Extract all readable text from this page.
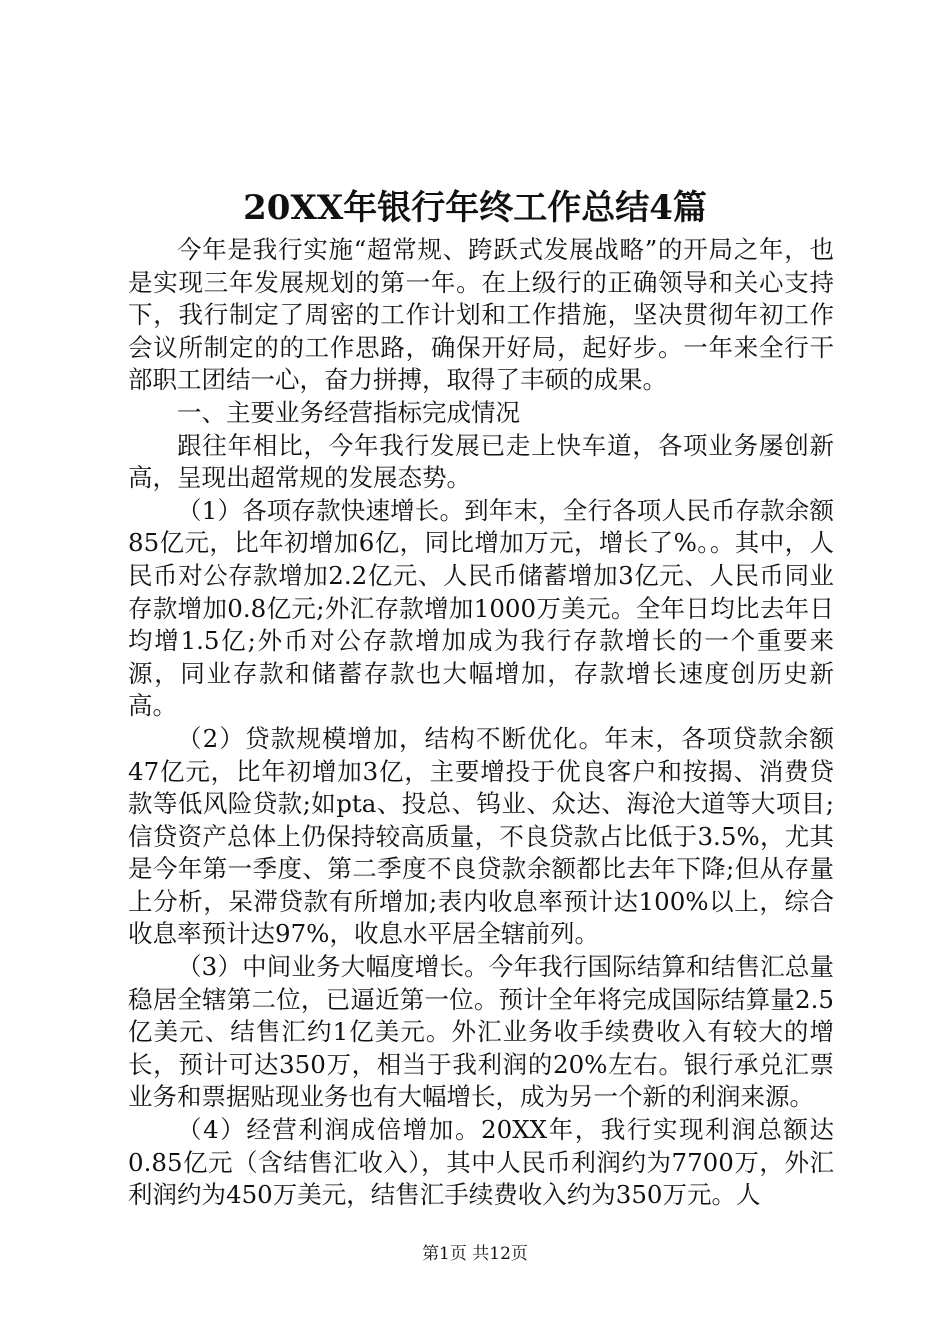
20XX年银行年终工作总结4篇

今年是我行实施“超常规、跨跃式发展战略”的开局之年，也是实现三年发展规划的第一年。在上级行的正确领导和关心支持下，我行制定了周密的工作计划和工作措施，坚决贯彻年初工作会议所制定的的工作思路，确保开好局，起好步。一年来全行干部职工团结一心，奋力拼搏，取得了丰硕的成果。

一、主要业务经营指标完成情况

跟往年相比，今年我行发展已走上快车道，各项业务屡创新高，呈现出超常规的发展态势。

（1）各项存款快速增长。到年末，全行各项人民币存款余额85亿元，比年初增加6亿，同比增加万元，增长了%。。其中，人民币对公存款增加2.2亿元、人民币储蓄增加3亿元、人民币同业存款增加0.8亿元;外汇存款增加1000万美元。全年日均比去年日均增1.5亿;外币对公存款增加成为我行存款增长的一个重要来源，同业存款和储蓄存款也大幅增加，存款增长速度创历史新高。

（2）贷款规模增加，结构不断优化。年末，各项贷款余额47亿元，比年初增加3亿，主要增投于优良客户和按揭、消费贷款等低风险贷款;如pta、投总、钨业、众达、海沧大道等大项目;信贷资产总体上仍保持较高质量，不良贷款占比低于3.5%，尤其是今年第一季度、第二季度不良贷款余额都比去年下降;但从存量上分析，呆滞贷款有所增加;表内收息率预计达100%以上，综合收息率预计达97%，收息水平居全辖前列。

（3）中间业务大幅度增长。今年我行国际结算和结售汇总量稳居全辖第二位，已逼近第一位。预计全年将完成国际结算量2.5亿美元、结售汇约1亿美元。外汇业务收手续费收入有较大的增长，预计可达350万，相当于我利润的20%左右。银行承兑汇票业务和票据贴现业务也有大幅增长，成为另一个新的利润来源。

（4）经营利润成倍增加。20XX年，我行实现利润总额达0.85亿元（含结售汇收入），其中人民币利润约为7700万，外汇利润约为450万美元，结售汇手续费收入约为350万元。人

第1页 共12页
